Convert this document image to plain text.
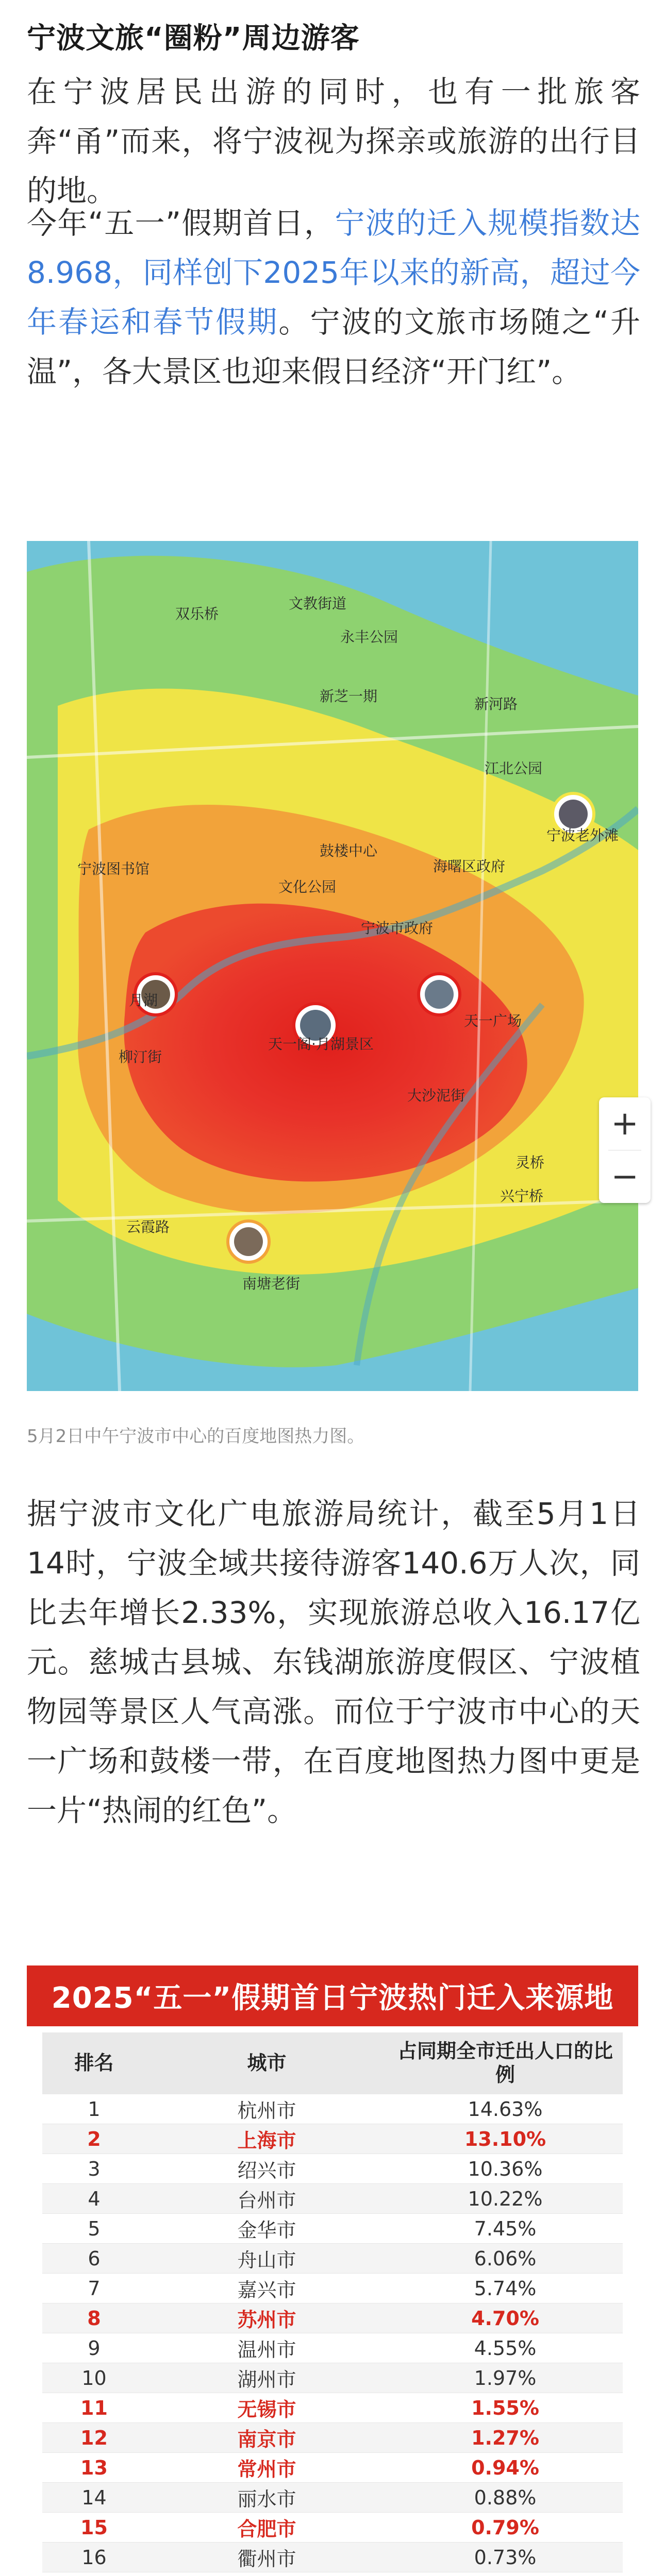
宁波文旅“圈粉”周边游客

在宁波居民出游的同时，也有一批旅客奔“甬”而来，将宁波视为探亲或旅游的出行目的地。

今年“五一”假期首日，宁波的迁入规模指数达8.968，同样创下2025年以来的新高，超过今年春运和春节假期。宁波的文旅市场随之“升温”，各大景区也迎来假日经济“开门红”。

双乐桥
文教街道
永丰公园
新河路
新芝一期
江北公园
宁波老外滩
文化公园
鼓楼中心
宁波市政府
海曙区政府
天一广场
天一阁·月湖景区
大沙泥街
宁波图书馆
月湖
柳汀街
云霞路
南塘老街
兴宁桥
灵桥
+
−
5月2日中午宁波市中心的百度地图热力图。

据宁波市文化广电旅游局统计，截至5月1日14时，宁波全域共接待游客140.6万人次，同比去年增长2.33%，实现旅游总收入16.17亿元。慈城古县城、东钱湖旅游度假区、宁波植物园等景区人气高涨。而位于宁波市中心的天一广场和鼓楼一带，在百度地图热力图中更是一片“热闹的红色”。

2025“五一”假期首日宁波热门迁入来源地
排名	城市	占同期全市迁出人口的比例
1	杭州市	14.63%
2	上海市	13.10%
3	绍兴市	10.36%
4	台州市	10.22%
5	金华市	7.45%
6	舟山市	6.06%
7	嘉兴市	5.74%
8	苏州市	4.70%
9	温州市	4.55%
10	湖州市	1.97%
11	无锡市	1.55%
12	南京市	1.27%
13	常州市	0.94%
14	丽水市	0.88%
15	合肥市	0.79%
16	衢州市	0.73%
